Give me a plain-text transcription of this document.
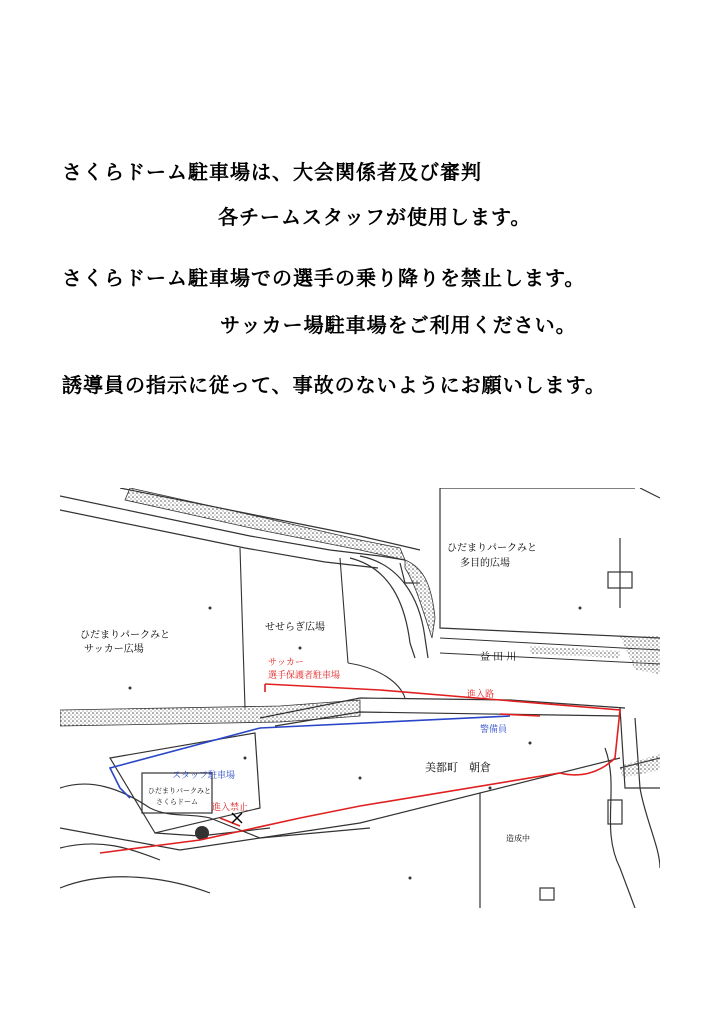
さくらドーム駐車場は、大会関係者及び審判

各チームスタッフが使用します。

さくらドーム駐車場での選手の乗り降りを禁止します。

サッカー場駐車場をご利用ください。

誘導員の指示に従って、事故のないようにお願いします。

ひだまりパークみと
多目的広場
せせらぎ広場
ひだまりパークみと
サッカー広場
益 田 川
サッカー
選手保護者駐車場
進入路
警備員
スタッフ駐車場
美都町　朝倉
ひだまりパークみと
さくらドーム
進入禁止
造成中
